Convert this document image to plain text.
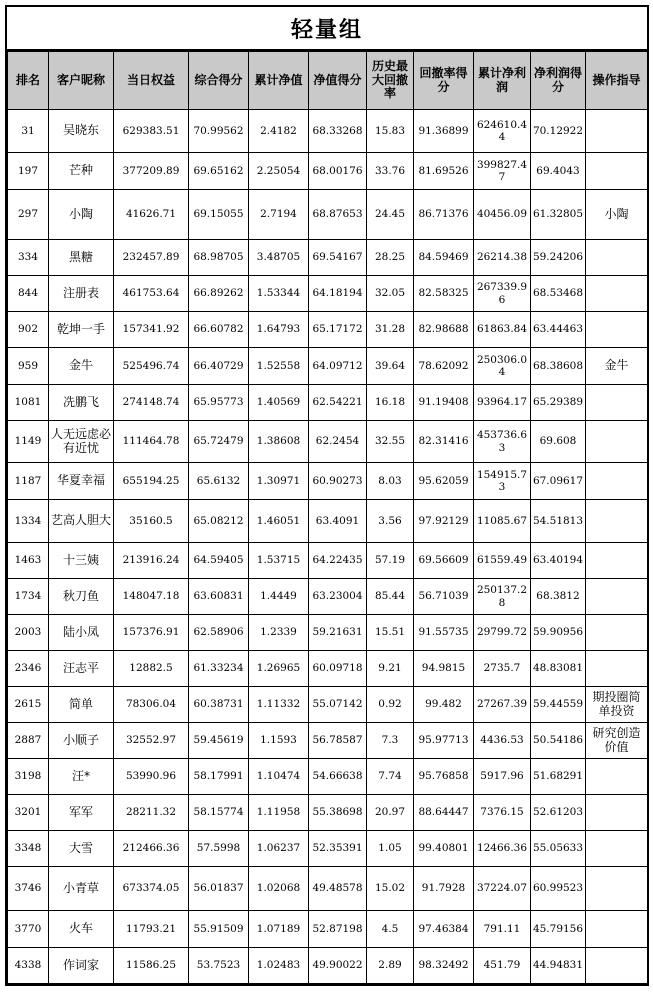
轻量组
排名	客户昵称	当日权益	综合得分	累计净值	净值得分	历史最大回撤率	回撤率得分	累计净利润	净利润得分	操作指导
31	吴晓东	629383.51	70.99562	2.4182	68.33268	15.83	91.36899	624610.44	70.12922	
197	芒种	377209.89	69.65162	2.25054	68.00176	33.76	81.69526	399827.47	69.4043	
297	小陶	41626.71	69.15055	2.7194	68.87653	24.45	86.71376	40456.09	61.32805	小陶
334	黑糖	232457.89	68.98705	3.48705	69.54167	28.25	84.59469	26214.38	59.24206	
844	注册表	461753.64	66.89262	1.53344	64.18194	32.05	82.58325	267339.96	68.53468	
902	乾坤一手	157341.92	66.60782	1.64793	65.17172	31.28	82.98688	61863.84	63.44463	
959	金牛	525496.74	66.40729	1.52558	64.09712	39.64	78.62092	250306.04	68.38608	金牛
1081	冼鹏飞	274148.74	65.95773	1.40569	62.54221	16.18	91.19408	93964.17	65.29389	
1149	人无远虑必有近忧	111464.78	65.72479	1.38608	62.2454	32.55	82.31416	453736.63	69.608	
1187	华夏幸福	655194.25	65.6132	1.30971	60.90273	8.03	95.62059	154915.73	67.09617	
1334	艺高人胆大	35160.5	65.08212	1.46051	63.4091	3.56	97.92129	11085.67	54.51813	
1463	十三姨	213916.24	64.59405	1.53715	64.22435	57.19	69.56609	61559.49	63.40194	
1734	秋刀鱼	148047.18	63.60831	1.4449	63.23004	85.44	56.71039	250137.28	68.3812	
2003	陆小凤	157376.91	62.58906	1.2339	59.21631	15.51	91.55735	29799.72	59.90956	
2346	汪志平	12882.5	61.33234	1.26965	60.09718	9.21	94.9815	2735.7	48.83081	
2615	简单	78306.04	60.38731	1.11332	55.07142	0.92	99.482	27267.39	59.44559	期投圈简单投资
2887	小顺子	32552.97	59.45619	1.1593	56.78587	7.3	95.97713	4436.53	50.54186	研究创造价值
3198	汪*	53990.96	58.17991	1.10474	54.66638	7.74	95.76858	5917.96	51.68291	
3201	军军	28211.32	58.15774	1.11958	55.38698	20.97	88.64447	7376.15	52.61203	
3348	大雪	212466.36	57.5998	1.06237	52.35391	1.05	99.40801	12466.36	55.05633	
3746	小青草	673374.05	56.01837	1.02068	49.48578	15.02	91.7928	37224.07	60.99523	
3770	火车	11793.21	55.91509	1.07189	52.87198	4.5	97.46384	791.11	45.79156	
4338	作词家	11586.25	53.7523	1.02483	49.90022	2.89	98.32492	451.79	44.94831	
